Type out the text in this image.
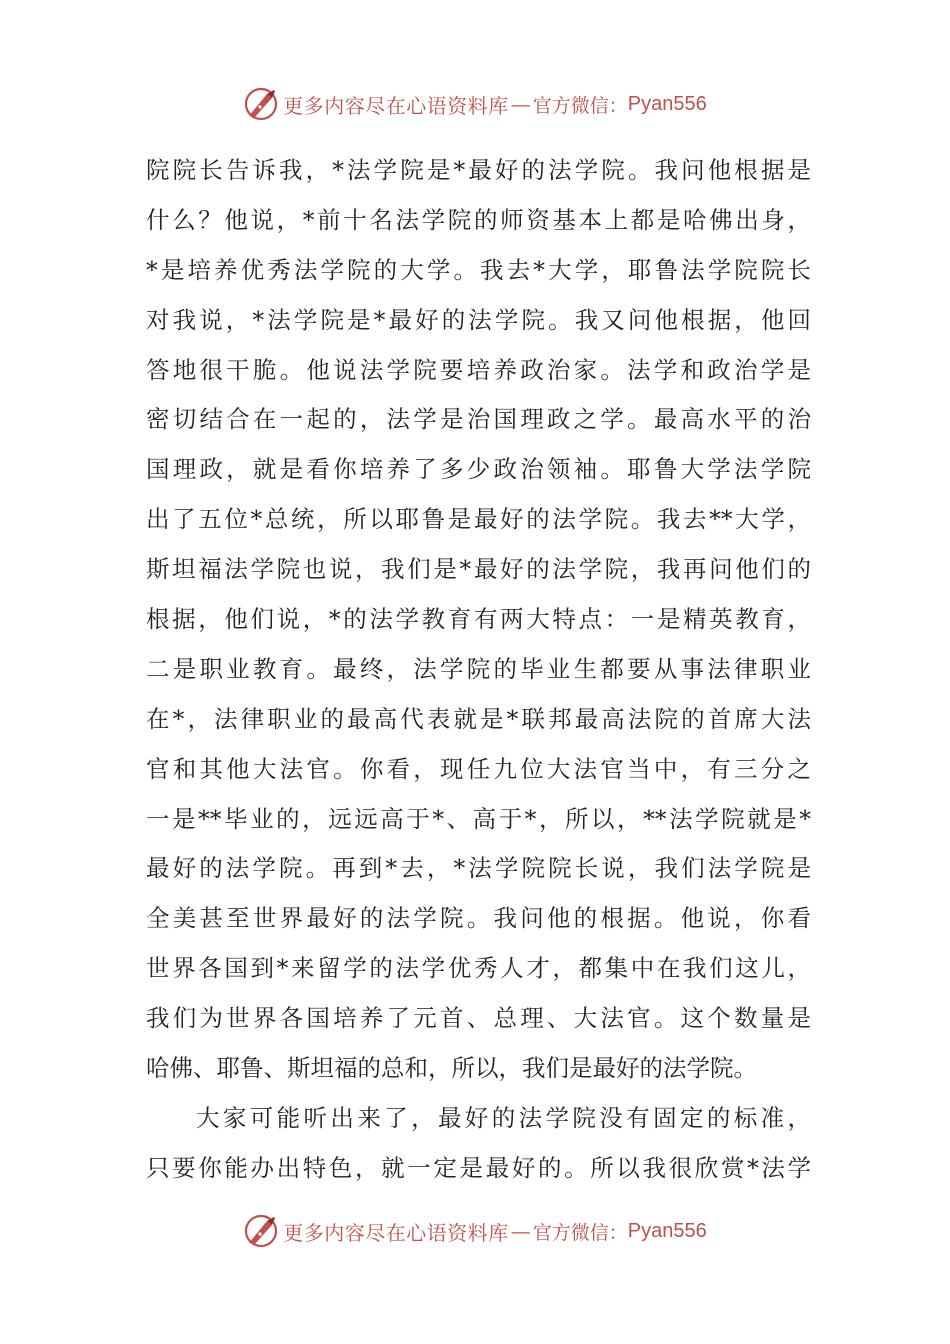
更多内容尽在心语资料库 — 官方微信： Pyan556
院院长告诉我，*法学院是*最好的法学院。我问他根据是
什么？他说，*前十名法学院的师资基本上都是哈佛出身，
*是培养优秀法学院的大学。我去*大学，耶鲁法学院院长
对我说，*法学院是*最好的法学院。我又问他根据，他回
答地很干脆。他说法学院要培养政治家。法学和政治学是
密切结合在一起的，法学是治国理政之学。最高水平的治
国理政，就是看你培养了多少政治领袖。耶鲁大学法学院
出了五位*总统，所以耶鲁是最好的法学院。我去**大学，
斯坦福法学院也说，我们是*最好的法学院，我再问他们的
根据，他们说，*的法学教育有两大特点：一是精英教育，
二是职业教育。最终，法学院的毕业生都要从事法律职业
在*，法律职业的最高代表就是*联邦最高法院的首席大法
官和其他大法官。你看，现任九位大法官当中，有三分之
一是**毕业的，远远高于*、高于*，所以，**法学院就是*
最好的法学院。再到*去，*法学院院长说，我们法学院是
全美甚至世界最好的法学院。我问他的根据。他说，你看
世界各国到*来留学的法学优秀人才，都集中在我们这儿，
我们为世界各国培养了元首、总理、大法官。这个数量是
哈佛、耶鲁、斯坦福的总和，所以，我们是最好的法学院。
大家可能听出来了，最好的法学院没有固定的标准，
只要你能办出特色，就一定是最好的。所以我很欣赏*法学
更多内容尽在心语资料库 — 官方微信： Pyan556
